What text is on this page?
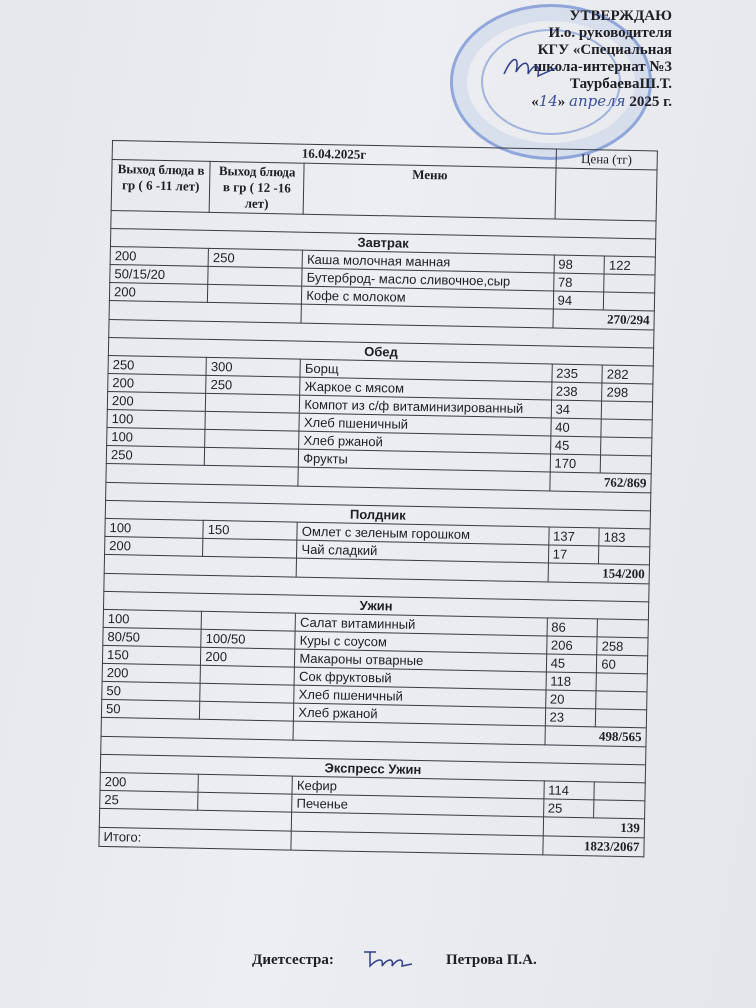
УТВЕРЖДАЮ
И.о. руководителя
КГУ «Специальная
школа-интернат №3
ТаурбаеваШ.Т.
«14» апреля 2025 г.
16.04.2025г			Цена (тг)	
Выход блюда в гр ( 6 -11 лет)	Выход блюда в гр ( 12 -16 лет)	Меню		

Завтрак				
200	250	Каша молочная манная	98	122
50/15/20		Бутерброд- масло сливочное,сыр	78	
200		Кофе с молоком	94	
			270/294	

Обед				
250	300	Борщ	235	282
200	250	Жаркое с мясом	238	298
200		Компот из с/ф витаминизированный	34	
100		Хлеб пшеничный	40	
100		Хлеб ржаной	45	
250		Фрукты	170	
			762/869	

Полдник				
100	150	Омлет с зеленым горошком	137	183
200		Чай сладкий	17	
			154/200	

Ужин				
100		Салат витаминный	86	
80/50	100/50	Куры с соусом	206	258
150	200	Макароны отварные	45	60
200		Сок фруктовый	118	
50		Хлеб пшеничный	20	
50		Хлеб ржаной	23	
			498/565	

Экспресс Ужин				
200		Кефир	114	
25		Печенье	25	
			139	
Итого:			1823/2067	
Диетсестра:	Петрова П.А.
